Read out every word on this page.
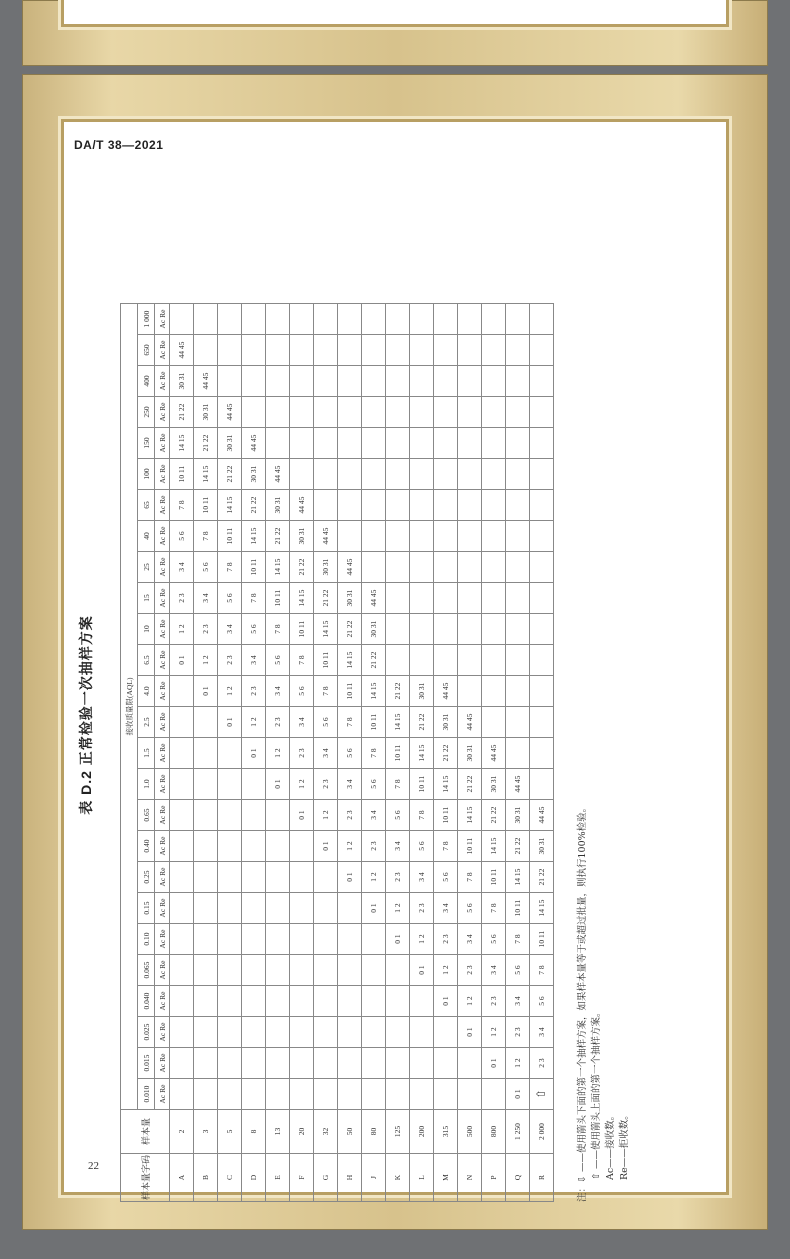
DA/T 38—2021
22
表 D.2 正常检验一次抽样方案
样本量字码	样本量	接收质量限(AQL)																									
		0.010	0.015	0.025	0.040	0.065	0.10	0.15	0.25	0.40	0.65	1.0	1.5	2.5	4.0	6.5	10	15	25	40	65	100	150	250	400	650	1 000
		Ac Re	Ac Re	Ac Re	Ac Re	Ac Re	Ac Re	Ac Re	Ac Re	Ac Re	Ac Re	Ac Re	Ac Re	Ac Re	Ac Re	Ac Re	Ac Re	Ac Re	Ac Re	Ac Re	Ac Re	Ac Re	Ac Re	Ac Re	Ac Re	Ac Re	Ac Re
A	2															0 1	1 2	2 3	3 4	5 6	7 8	10 11	14 15	21 22	30 31	44 45	
B	3														0 1	1 2	2 3	3 4	5 6	7 8	10 11	14 15	21 22	30 31	44 45		
C	5													0 1	1 2	2 3	3 4	5 6	7 8	10 11	14 15	21 22	30 31	44 45			
D	8												0 1	1 2	2 3	3 4	5 6	7 8	10 11	14 15	21 22	30 31	44 45				
E	13											0 1	1 2	2 3	3 4	5 6	7 8	10 11	14 15	21 22	30 31	44 45					
F	20										0 1	1 2	2 3	3 4	5 6	7 8	10 11	14 15	21 22	30 31	44 45						
G	32									0 1	1 2	2 3	3 4	5 6	7 8	10 11	14 15	21 22	30 31	44 45							
H	50								0 1	1 2	2 3	3 4	5 6	7 8	10 11	14 15	21 22	30 31	44 45								
J	80							0 1	1 2	2 3	3 4	5 6	7 8	10 11	14 15	21 22	30 31	44 45									
K	125						0 1	1 2	2 3	3 4	5 6	7 8	10 11	14 15	21 22												
L	200					0 1	1 2	2 3	3 4	5 6	7 8	10 11	14 15	21 22	30 31												
M	315				0 1	1 2	2 3	3 4	5 6	7 8	10 11	14 15	21 22	30 31	44 45												
N	500			0 1	1 2	2 3	3 4	5 6	7 8	10 11	14 15	21 22	30 31	44 45													
P	800		0 1	1 2	2 3	3 4	5 6	7 8	10 11	14 15	21 22	30 31	44 45														
Q	1 250	0 1	1 2	2 3	3 4	5 6	7 8	10 11	14 15	21 22	30 31	44 45															
R	2 000	⇧	2 3	3 4	5 6	7 8	10 11	14 15	21 22	30 31	44 45																	注：⇩ ——使用箭头下面的第一个抽样方案，如果样本量等于或超过批量，则执行100%检验。 ⇧ ——使用箭头上面的第一个抽样方案。 Ac——接收数。 Re——拒收数。
